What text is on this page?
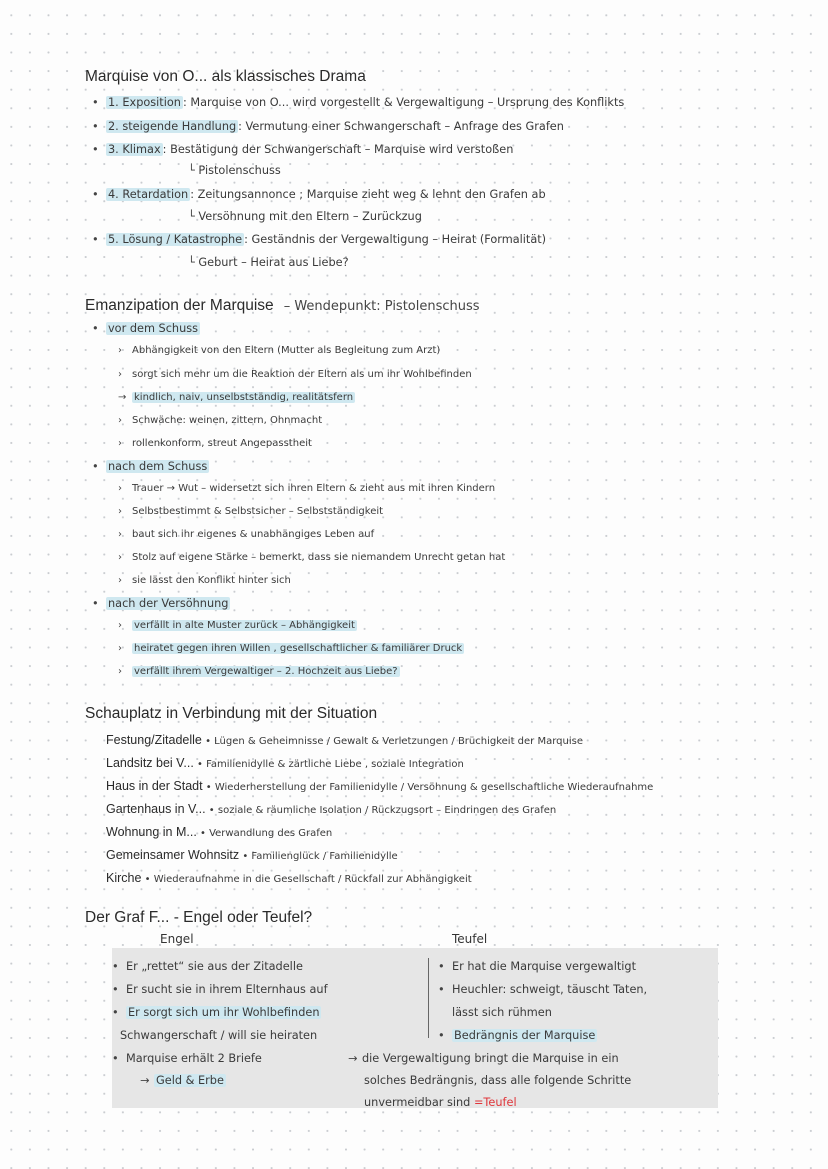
Marquise von O... als klassisches Drama
• 1. Exposition : Marquise von O... wird vorgestellt & Vergewaltigung – Ursprung des Konflikts
• 2. steigende Handlung : Vermutung einer Schwangerschaft – Anfrage des Grafen
• 3. Klimax : Bestätigung der Schwangerschaft – Marquise wird verstoßen
└ Pistolenschuss
• 4. Retardation : Zeitungsannonce ; Marquise zieht weg & lehnt den Grafen ab
└ Versöhnung mit den Eltern – Zurückzug
• 5. Lösung / Katastrophe : Geständnis der Vergewaltigung – Heirat (Formalität)
└ Geburt – Heirat aus Liebe?
Emanzipation der Marquise – Wendepunkt: Pistolenschuss
• vor dem Schuss
› Abhängigkeit von den Eltern (Mutter als Begleitung zum Arzt)
› sorgt sich mehr um die Reaktion der Eltern als um ihr Wohlbefinden
→ kindlich, naiv, unselbstständig, realitätsfern
› Schwäche: weinen, zittern, Ohnmacht
› rollenkonform, streut Angepasstheit
• nach dem Schuss
› Trauer → Wut – widersetzt sich ihren Eltern & zieht aus mit ihren Kindern
› Selbstbestimmt & Selbstsicher – Selbstständigkeit
› baut sich ihr eigenes & unabhängiges Leben auf
› Stolz auf eigene Stärke – bemerkt, dass sie niemandem Unrecht getan hat
› sie lässt den Konflikt hinter sich
• nach der Versöhnung
› verfällt in alte Muster zurück – Abhängigkeit
› heiratet gegen ihren Willen , gesellschaftlicher & familiärer Druck
› verfällt ihrem Vergewaltiger – 2. Hochzeit aus Liebe?
Schauplatz in Verbindung mit der Situation
Festung/Zitadelle • Lügen & Geheimnisse / Gewalt & Verletzungen / Brüchigkeit der Marquise
Landsitz bei V... • Familienidylle & zärtliche Liebe , soziale Integration
Haus in der Stadt • Wiederherstellung der Familienidylle / Versöhnung & gesellschaftliche Wiederaufnahme
Gartenhaus in V... • soziale & räumliche Isolation / Rückzugsort – Eindringen des Grafen
Wohnung in M... • Verwandlung des Grafen
Gemeinsamer Wohnsitz • Familienglück / Familienidylle
Kirche • Wiederaufnahme in die Gesellschaft / Rückfall zur Abhängigkeit
Der Graf F... - Engel oder Teufel?
Engel	Teufel
• Er „rettet“ sie aus der Zitadelle
• Er sucht sie in ihrem Elternhaus auf
• Er sorgt sich um ihr Wohlbefinden
Schwangerschaft / will sie heiraten
• Marquise erhält 2 Briefe
→ Geld & Erbe
• Er hat die Marquise vergewaltigt
• Heuchler: schweigt, täuscht Taten,
lässt sich rühmen
• Bedrängnis der Marquise
→ die Vergewaltigung bringt die Marquise in ein
solches Bedrängnis, dass alle folgende Schritte
unvermeidbar sind =Teufel
